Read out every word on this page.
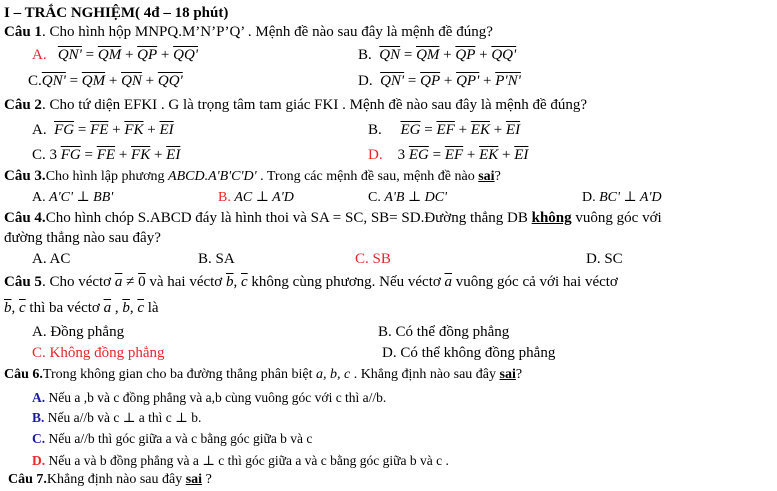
I – TRẮC NGHIỆM( 4đ – 18 phút)
Câu 1. Cho hình hộp MNPQ.M’N’P’Q’ . Mệnh đề nào sau đây là mệnh đề đúng?
A. $QN' = \overline{QM} + \overline{QP} + QQ'$	B. $\overline{QN} = \overline{QM} + \overline{QP} + QQ'$
$C.QN' = \overline{QM} + \overline{QN} + QQ'$	D. $QN' = \overline{QP} + QP' + P'N'$
Câu 2. Cho tứ diện EFKI . G là trọng tâm tam giác FKI . Mệnh đề nào sau đây là mệnh đề đúng?
A. $\overline{FG} = \overline{FE} + \overline{FK} + \overline{EI}$	B. $\overline{EG} = \overline{EF} + \overline{EK} + \overline{EI}$
C. 3 $\overline{FG} = \overline{FE} + \overline{FK} + \overline{EI}$	D. 3 $\overline{EG} = \overline{EF} + \overline{EK} + \overline{EI}$
Câu 3.Cho hình lập phương ABCD.A'B'C'D' . Trong các mệnh đề sau, mệnh đề nào sai?
A. A'C' ⊥ BB'	B. AC ⊥ A'D	C. A'B ⊥ DC'	D. BC' ⊥ A'D
Câu 4.Cho hình chóp S.ABCD đáy là hình thoi và SA = SC, SB= SD.Đường thẳng DB không vuông góc với
đường thẳng nào sau đây?
A. AC	B. SA	C. SB	D. SC
Câu 5. Cho véctơ $\overline{a} \ne 0$ và hai véctơ $\overline{b}$, $\overline{c}$ không cùng phương. Nếu véctơ $\overline{a}$ vuông góc cả với hai véctơ
$\overline{b}$, $\overline{c}$ thì ba véctơ $\overline{a}$ , $\overline{b}$, $\overline{c}$ là
A. Đồng phẳng	B. Có thể đồng phẳng
C. Không đồng phẳng	D. Có thể không đồng phẳng
Câu 6.Trong không gian cho ba đường thẳng phân biệt a, b, c . Khẳng định nào sau đây sai?
A. Nếu a ,b và c đồng phẳng và a,b cùng vuông góc với c thì a//b.
B. Nếu a//b và c ⊥ a thì c ⊥ b.
C. Nếu a//b thì góc giữa a và c bằng góc giữa b và c
D. Nếu a và b đồng phẳng và a ⊥ c thì góc giữa a và c bằng góc giữa b và c .
Câu 7.Khẳng định nào sau đây sai ?
